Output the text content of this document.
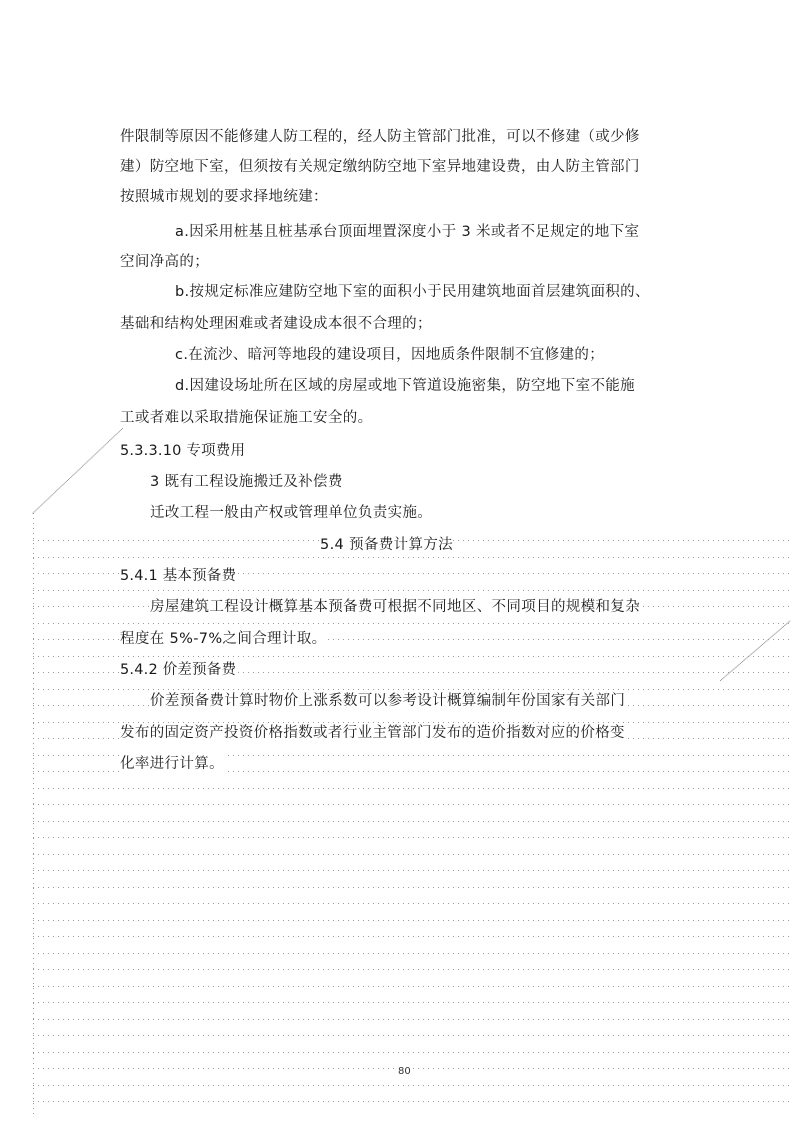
件限制等原因不能修建人防工程的，经人防主管部门批准，可以不修建（或少修
建）防空地下室，但须按有关规定缴纳防空地下室异地建设费，由人防主管部门
按照城市规划的要求择地统建：
a.因采用桩基且桩基承台顶面埋置深度小于 3 米或者不足规定的地下室
空间净高的；
b.按规定标准应建防空地下室的面积小于民用建筑地面首层建筑面积的、
基础和结构处理困难或者建设成本很不合理的；
c.在流沙、暗河等地段的建设项目，因地质条件限制不宜修建的；
d.因建设场址所在区域的房屋或地下管道设施密集，防空地下室不能施
工或者难以采取措施保证施工安全的。
5.3.3.10 专项费用
3 既有工程设施搬迁及补偿费
迁改工程一般由产权或管理单位负责实施。
5.4 预备费计算方法
5.4.1 基本预备费
房屋建筑工程设计概算基本预备费可根据不同地区、不同项目的规模和复杂
程度在 5%-7%之间合理计取。
5.4.2 价差预备费
价差预备费计算时物价上涨系数可以参考设计概算编制年份国家有关部门
发布的固定资产投资价格指数或者行业主管部门发布的造价指数对应的价格变
化率进行计算。
80
